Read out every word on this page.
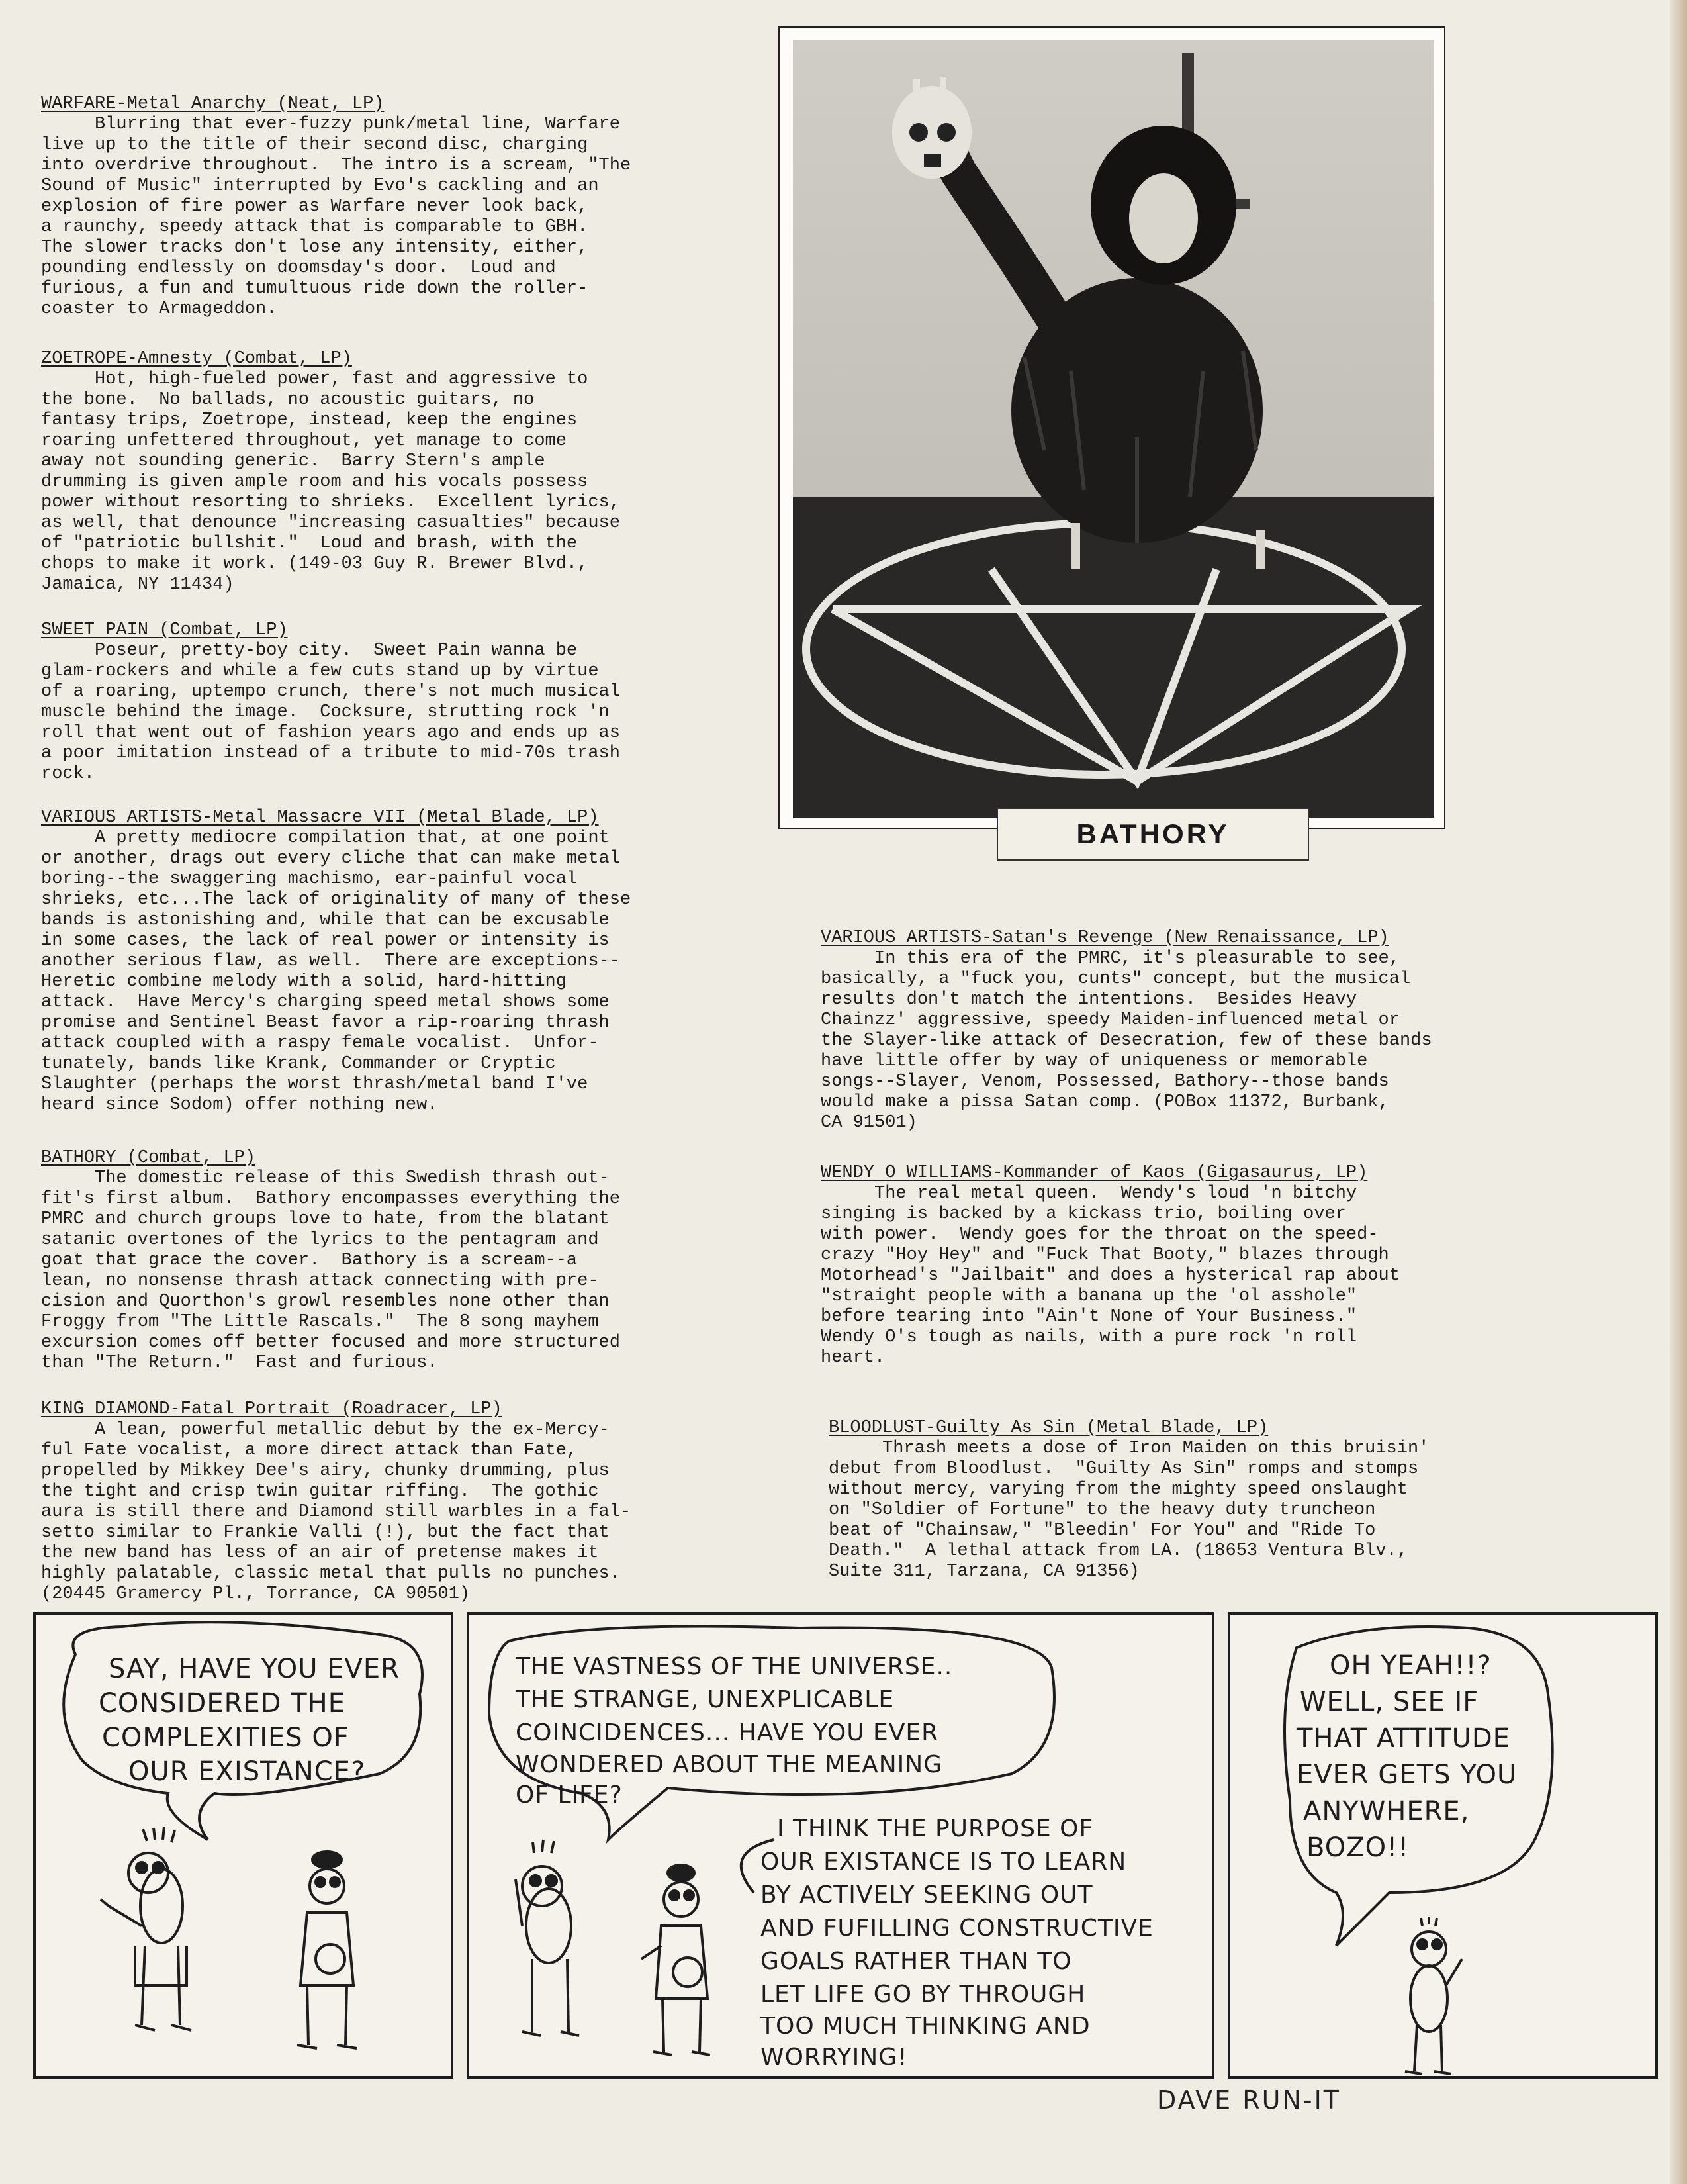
WARFARE-Metal Anarchy (Neat, LP)
Blurring that ever-fuzzy punk/metal line, Warfare
live up to the title of their second disc, charging
into overdrive throughout.  The intro is a scream, "The
Sound of Music" interrupted by Evo's cackling and an
explosion of fire power as Warfare never look back,
a raunchy, speedy attack that is comparable to GBH.
The slower tracks don't lose any intensity, either,
pounding endlessly on doomsday's door.  Loud and
furious, a fun and tumultuous ride down the roller-
coaster to Armageddon.

ZOETROPE-Amnesty (Combat, LP)
Hot, high-fueled power, fast and aggressive to
the bone.  No ballads, no acoustic guitars, no
fantasy trips, Zoetrope, instead, keep the engines
roaring unfettered throughout, yet manage to come
away not sounding generic.  Barry Stern's ample
drumming is given ample room and his vocals possess
power without resorting to shrieks.  Excellent lyrics,
as well, that denounce "increasing casualties" because
of "patriotic bullshit."  Loud and brash, with the
chops to make it work. (149-03 Guy R. Brewer Blvd.,
Jamaica, NY 11434)

SWEET PAIN (Combat, LP)
Poseur, pretty-boy city.  Sweet Pain wanna be
glam-rockers and while a few cuts stand up by virtue
of a roaring, uptempo crunch, there's not much musical
muscle behind the image.  Cocksure, strutting rock 'n
roll that went out of fashion years ago and ends up as
a poor imitation instead of a tribute to mid-70s trash
rock.

VARIOUS ARTISTS-Metal Massacre VII (Metal Blade, LP)
A pretty mediocre compilation that, at one point
or another, drags out every cliche that can make metal
boring--the swaggering machismo, ear-painful vocal
shrieks, etc...The lack of originality of many of these
bands is astonishing and, while that can be excusable
in some cases, the lack of real power or intensity is
another serious flaw, as well.  There are exceptions--
Heretic combine melody with a solid, hard-hitting
attack.  Have Mercy's charging speed metal shows some
promise and Sentinel Beast favor a rip-roaring thrash
attack coupled with a raspy female vocalist.  Unfor-
tunately, bands like Krank, Commander or Cryptic
Slaughter (perhaps the worst thrash/metal band I've
heard since Sodom) offer nothing new.

BATHORY (Combat, LP)
The domestic release of this Swedish thrash out-
fit's first album.  Bathory encompasses everything the
PMRC and church groups love to hate, from the blatant
satanic overtones of the lyrics to the pentagram and
goat that grace the cover.  Bathory is a scream--a
lean, no nonsense thrash attack connecting with pre-
cision and Quorthon's growl resembles none other than
Froggy from "The Little Rascals."  The 8 song mayhem
excursion comes off better focused and more structured
than "The Return."  Fast and furious.

KING DIAMOND-Fatal Portrait (Roadracer, LP)
A lean, powerful metallic debut by the ex-Mercy-
ful Fate vocalist, a more direct attack than Fate,
propelled by Mikkey Dee's airy, chunky drumming, plus
the tight and crisp twin guitar riffing.  The gothic
aura is still there and Diamond still warbles in a fal-
setto similar to Frankie Valli (!), but the fact that
the new band has less of an air of pretense makes it
highly palatable, classic metal that pulls no punches.
(20445 Gramercy Pl., Torrance, CA 90501)

BATHORY

VARIOUS ARTISTS-Satan's Revenge (New Renaissance, LP)
In this era of the PMRC, it's pleasurable to see,
basically, a "fuck you, cunts" concept, but the musical
results don't match the intentions.  Besides Heavy
Chainzz' aggressive, speedy Maiden-influenced metal or
the Slayer-like attack of Desecration, few of these bands
have little offer by way of uniqueness or memorable
songs--Slayer, Venom, Possessed, Bathory--those bands
would make a pissa Satan comp. (POBox 11372, Burbank,
CA 91501)

WENDY O WILLIAMS-Kommander of Kaos (Gigasaurus, LP)
The real metal queen.  Wendy's loud 'n bitchy
singing is backed by a kickass trio, boiling over
with power.  Wendy goes for the throat on the speed-
crazy "Hoy Hey" and "Fuck That Booty," blazes through
Motorhead's "Jailbait" and does a hysterical rap about
"straight people with a banana up the 'ol asshole"
before tearing into "Ain't None of Your Business."
Wendy O's tough as nails, with a pure rock 'n roll
heart.

BLOODLUST-Guilty As Sin (Metal Blade, LP)
Thrash meets a dose of Iron Maiden on this bruisin'
debut from Bloodlust.  "Guilty As Sin" romps and stomps
without mercy, varying from the mighty speed onslaught
on "Soldier of Fortune" to the heavy duty truncheon
beat of "Chainsaw," "Bleedin' For You" and "Ride To
Death."  A lethal attack from LA. (18653 Ventura Blv.,
Suite 311, Tarzana, CA 91356)

SAY, HAVE YOU EVER
CONSIDERED THE
COMPLEXITIES OF
OUR EXISTANCE?
THE VASTNESS OF THE UNIVERSE..
THE STRANGE, UNEXPLICABLE
COINCIDENCES... HAVE YOU EVER
WONDERED ABOUT THE MEANING
OF LIFE?
I THINK THE PURPOSE OF
OUR EXISTANCE IS TO LEARN
BY ACTIVELY SEEKING OUT
AND FUFILLING CONSTRUCTIVE
GOALS RATHER THAN TO
LET LIFE GO BY THROUGH
TOO MUCH THINKING AND
WORRYING!
OH YEAH!!?
WELL, SEE IF
THAT ATTITUDE
EVER GETS YOU
ANYWHERE,
BOZO!!
DAVE RUN-IT
